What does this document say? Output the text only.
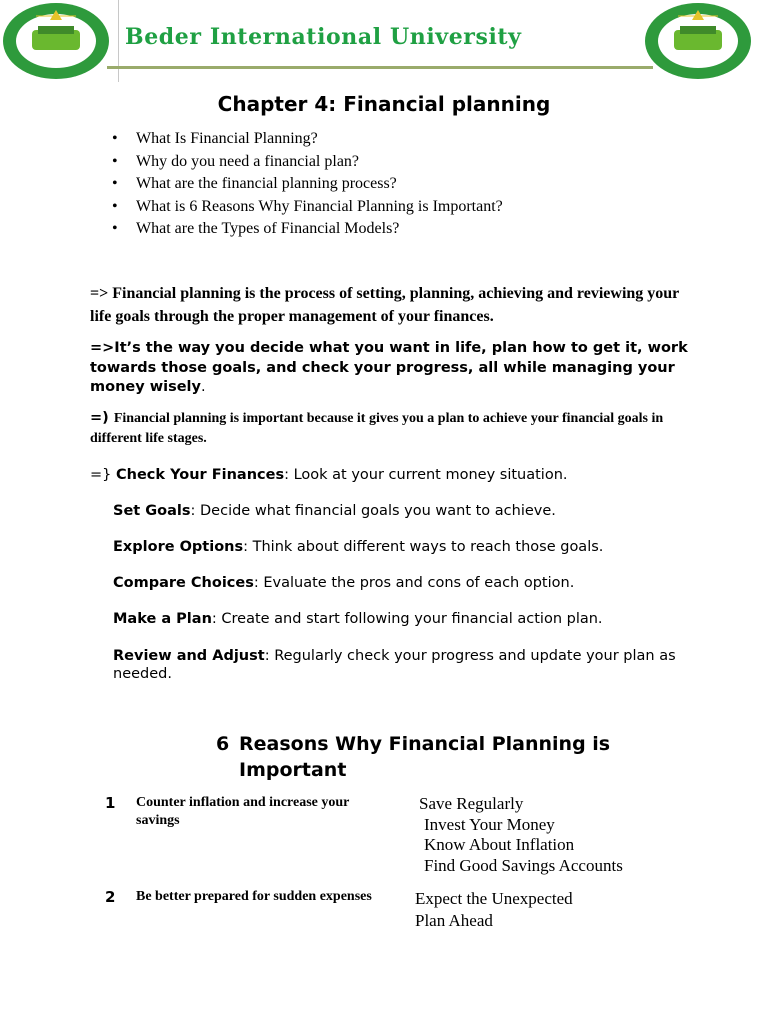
Beder International University
Chapter 4: Financial planning
• What Is Financial Planning?
• Why do you need a financial plan?
• What are the financial planning process?
• What is 6 Reasons Why Financial Planning is Important?
• What are the Types of Financial Models?
=> Financial planning is the process of setting, planning, achieving and reviewing your life goals through the proper management of your finances.
=>It’s the way you decide what you want in life, plan how to get it, work towards those goals, and check your progress, all while managing your money wisely.
=) Financial planning is important because it gives you a plan to achieve your financial goals in different life stages.
=} Check Your Finances: Look at your current money situation.
Set Goals: Decide what financial goals you want to achieve.
Explore Options: Think about different ways to reach those goals.
Compare Choices: Evaluate the pros and cons of each option.
Make a Plan: Create and start following your financial action plan.
Review and Adjust: Regularly check your progress and update your plan as needed.
6 Reasons Why Financial Planning is Important
1 Counter inflation and increase your savings
Save Regularly
Invest Your Money
Know About Inflation
Find Good Savings Accounts
2 Be better prepared for sudden expenses	Expect the Unexpected
Plan Ahead
